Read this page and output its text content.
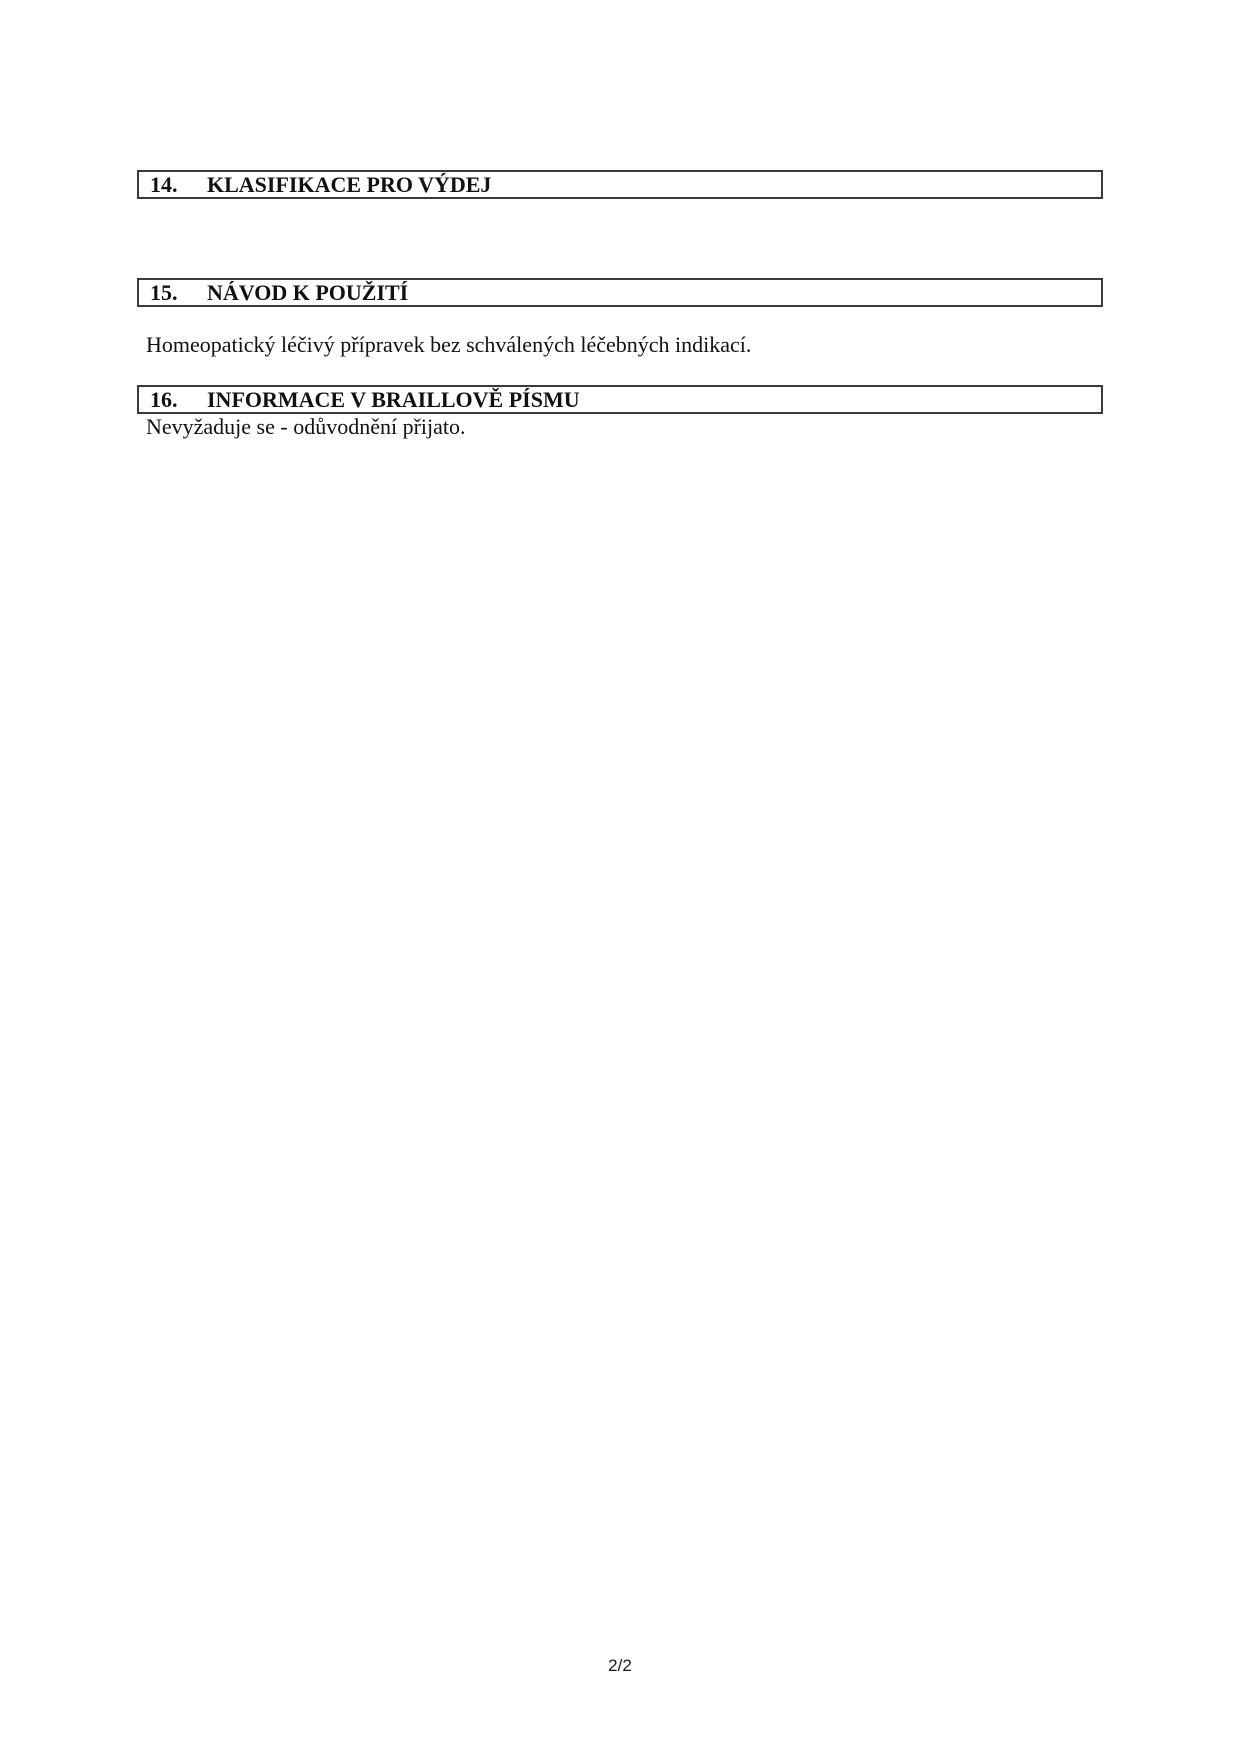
14.	KLASIFIKACE PRO VÝDEJ
15.	NÁVOD K POUŽITÍ
Homeopatický léčivý přípravek bez schválených léčebných indikací.
16.	INFORMACE V BRAILLOVĚ PÍSMU
Nevyžaduje se - odůvodnění přijato.
2/2
